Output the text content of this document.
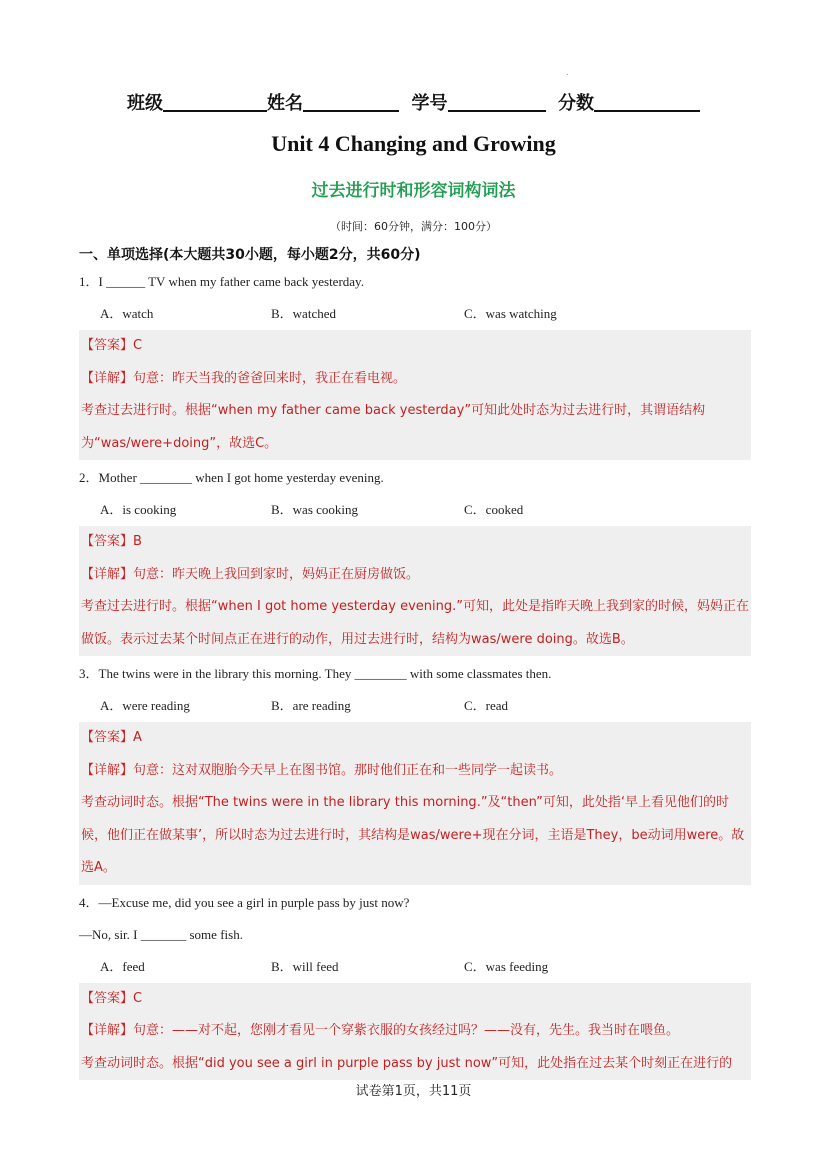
.
班级	姓名	学号	分数
Unit 4 Changing and Growing
过去进行时和形容词构词法
（时间：60分钟，满分：100分）
一、单项选择(本大题共30小题，每小题2分，共60分)
1．I ______ TV when my father came back yesterday.
A．watch	B．watched	C．was watching
【答案】C
【详解】句意：昨天当我的爸爸回来时，我正在看电视。
考查过去进行时。根据“when my father came back yesterday”可知此处时态为过去进行时，其谓语结构为“was/were+doing”，故选C。
2．Mother ________ when I got home yesterday evening.
A．is cooking	B．was cooking	C．cooked
【答案】B
【详解】句意：昨天晚上我回到家时，妈妈正在厨房做饭。
考查过去进行时。根据“when I got home yesterday evening.”可知，此处是指昨天晚上我到家的时候，妈妈正在做饭。表示过去某个时间点正在进行的动作，用过去进行时，结构为was/were doing。故选B。
3．The twins were in the library this morning. They ________ with some classmates then.
A．were reading	B．are reading	C．read
【答案】A
【详解】句意：这对双胞胎今天早上在图书馆。那时他们正在和一些同学一起读书。
考查动词时态。根据“The twins were in the library this morning.”及“then”可知，此处指‘早上看见他们的时候，他们正在做某事’，所以时态为过去进行时，其结构是was/were+现在分词，主语是They，be动词用were。故选A。
4．—Excuse me, did you see a girl in purple pass by just now?
—No, sir. I _______ some fish.
A．feed	B．will feed	C．was feeding
【答案】C
【详解】句意：——对不起，您刚才看见一个穿紫衣服的女孩经过吗？——没有，先生。我当时在喂鱼。
考查动词时态。根据“did you see a girl in purple pass by just now”可知，此处指在过去某个时刻正在进行的
试卷第1页，共11页
